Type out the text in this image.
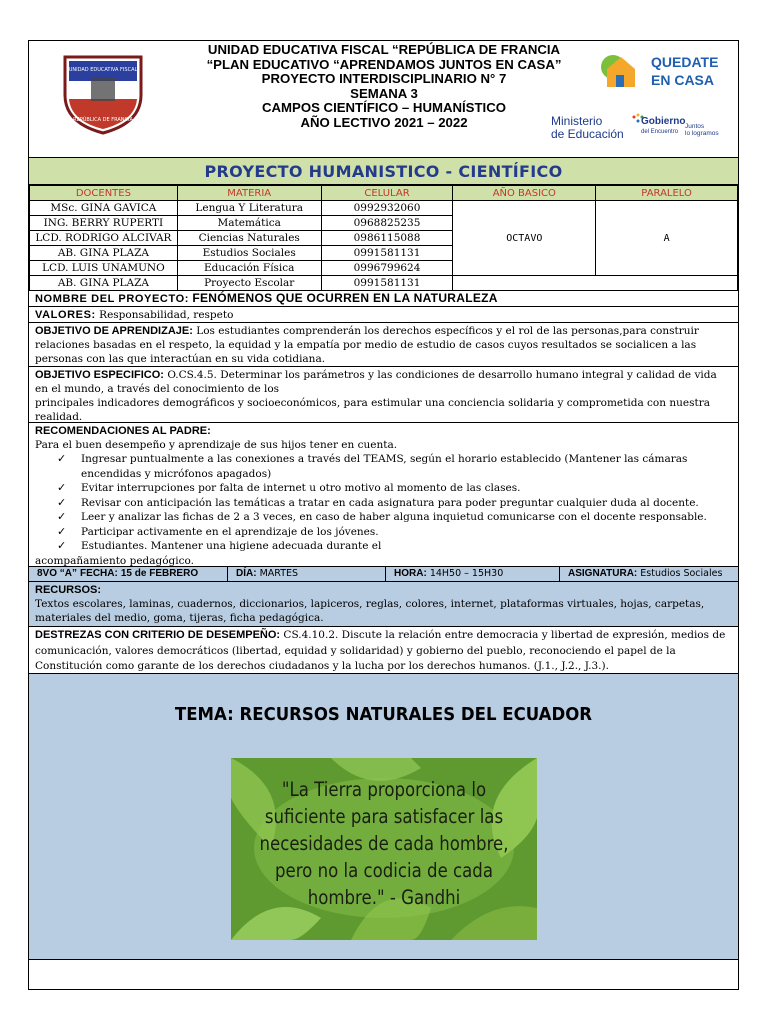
UNIDAD EDUCATIVA FISCAL
REPÚBLICA DE FRANCIA
UNIDAD EDUCATIVA FISCAL “REPÚBLICA DE FRANCIA
“PLAN EDUCATIVO “APRENDAMOS JUNTOS EN CASA”
PROYECTO INTERDISCIPLINARIO N° 7
SEMANA 3
CAMPOS CIENTÍFICO – HUMANÍSTICO
AÑO LECTIVO 2021 – 2022
QUEDATE
EN CASA
Ministerio
de Educación
Gobierno
del Encuentro
Juntos
lo logramos
PROYECTO HUMANISTICO - CIENTÍFICO
DOCENTES	MATERIA	CELULAR	AÑO BASICO	PARALELO
MSc. GINA GAVICA	Lengua Y Literatura	0992932060	OCTAVO	A
ING. BERRY RUPERTI	Matemática	0968825235		
LCD. RODRIGO ALCIVAR	Ciencias Naturales	0986115088		
AB. GINA PLAZA	Estudios Sociales	0991581131		
LCD. LUIS UNAMUNO	Educación Física	0996799624		
AB. GINA PLAZA	Proyecto Escolar	0991581131		
NOMBRE DEL PROYECTO: FENÓMENOS QUE OCURREN EN LA NATURALEZA
VALORES: Responsabilidad, respeto
OBJETIVO DE APRENDIZAJE: Los estudiantes comprenderán los derechos específicos y el rol de las personas,para construir relaciones basadas en el respeto, la equidad y la empatía por medio de estudio de casos cuyos resultados se socialicen a las personas con las que interactúan en su vida cotidiana.
OBJETIVO ESPECIFICO: O.CS.4.5. Determinar los parámetros y las condiciones de desarrollo humano integral y calidad de vida en el mundo, a través del conocimiento de los
principales indicadores demográficos y socioeconómicos, para estimular una conciencia solidaria y comprometida con nuestra realidad.
RECOMENDACIONES AL PADRE:
Para el buen desempeño y aprendizaje de sus hijos tener en cuenta.
✓ Ingresar puntualmente a las conexiones a través del TEAMS, según el horario establecido (Mantener las cámaras encendidas y micrófonos apagados)
✓ Evitar interrupciones por falta de internet u otro motivo al momento de las clases.
✓ Revisar con anticipación las temáticas a tratar en cada asignatura para poder preguntar cualquier duda al docente.
✓ Leer y analizar las fichas de 2 a 3 veces, en caso de haber alguna inquietud comunicarse con el docente responsable.
✓ Participar activamente en el aprendizaje de los jóvenes.
✓ Estudiantes. Mantener una higiene adecuada durante el
acompañamiento pedagógico.
8VO “A” FECHA: 15 de FEBRERO	DÍA: MARTES	HORA: 14H50 – 15H30	ASIGNATURA: Estudios Sociales
RECURSOS:
Textos escolares, laminas, cuadernos, diccionarios, lapiceros, reglas, colores, internet, plataformas virtuales, hojas, carpetas, materiales del medio, goma, tijeras, ficha pedagógica.
DESTREZAS CON CRITERIO DE DESEMPEÑO: CS.4.10.2. Discute la relación entre democracia y libertad de expresión, medios de comunicación, valores democráticos (libertad, equidad y solidaridad) y gobierno del pueblo, reconociendo el papel de la Constitución como garante de los derechos ciudadanos y la lucha por los derechos humanos. (J.1., J.2., J.3.).
TEMA: RECURSOS NATURALES DEL ECUADOR
"La Tierra proporciona lo
suficiente para satisfacer las
necesidades de cada hombre,
pero no la codicia de cada
hombre." - Gandhi
